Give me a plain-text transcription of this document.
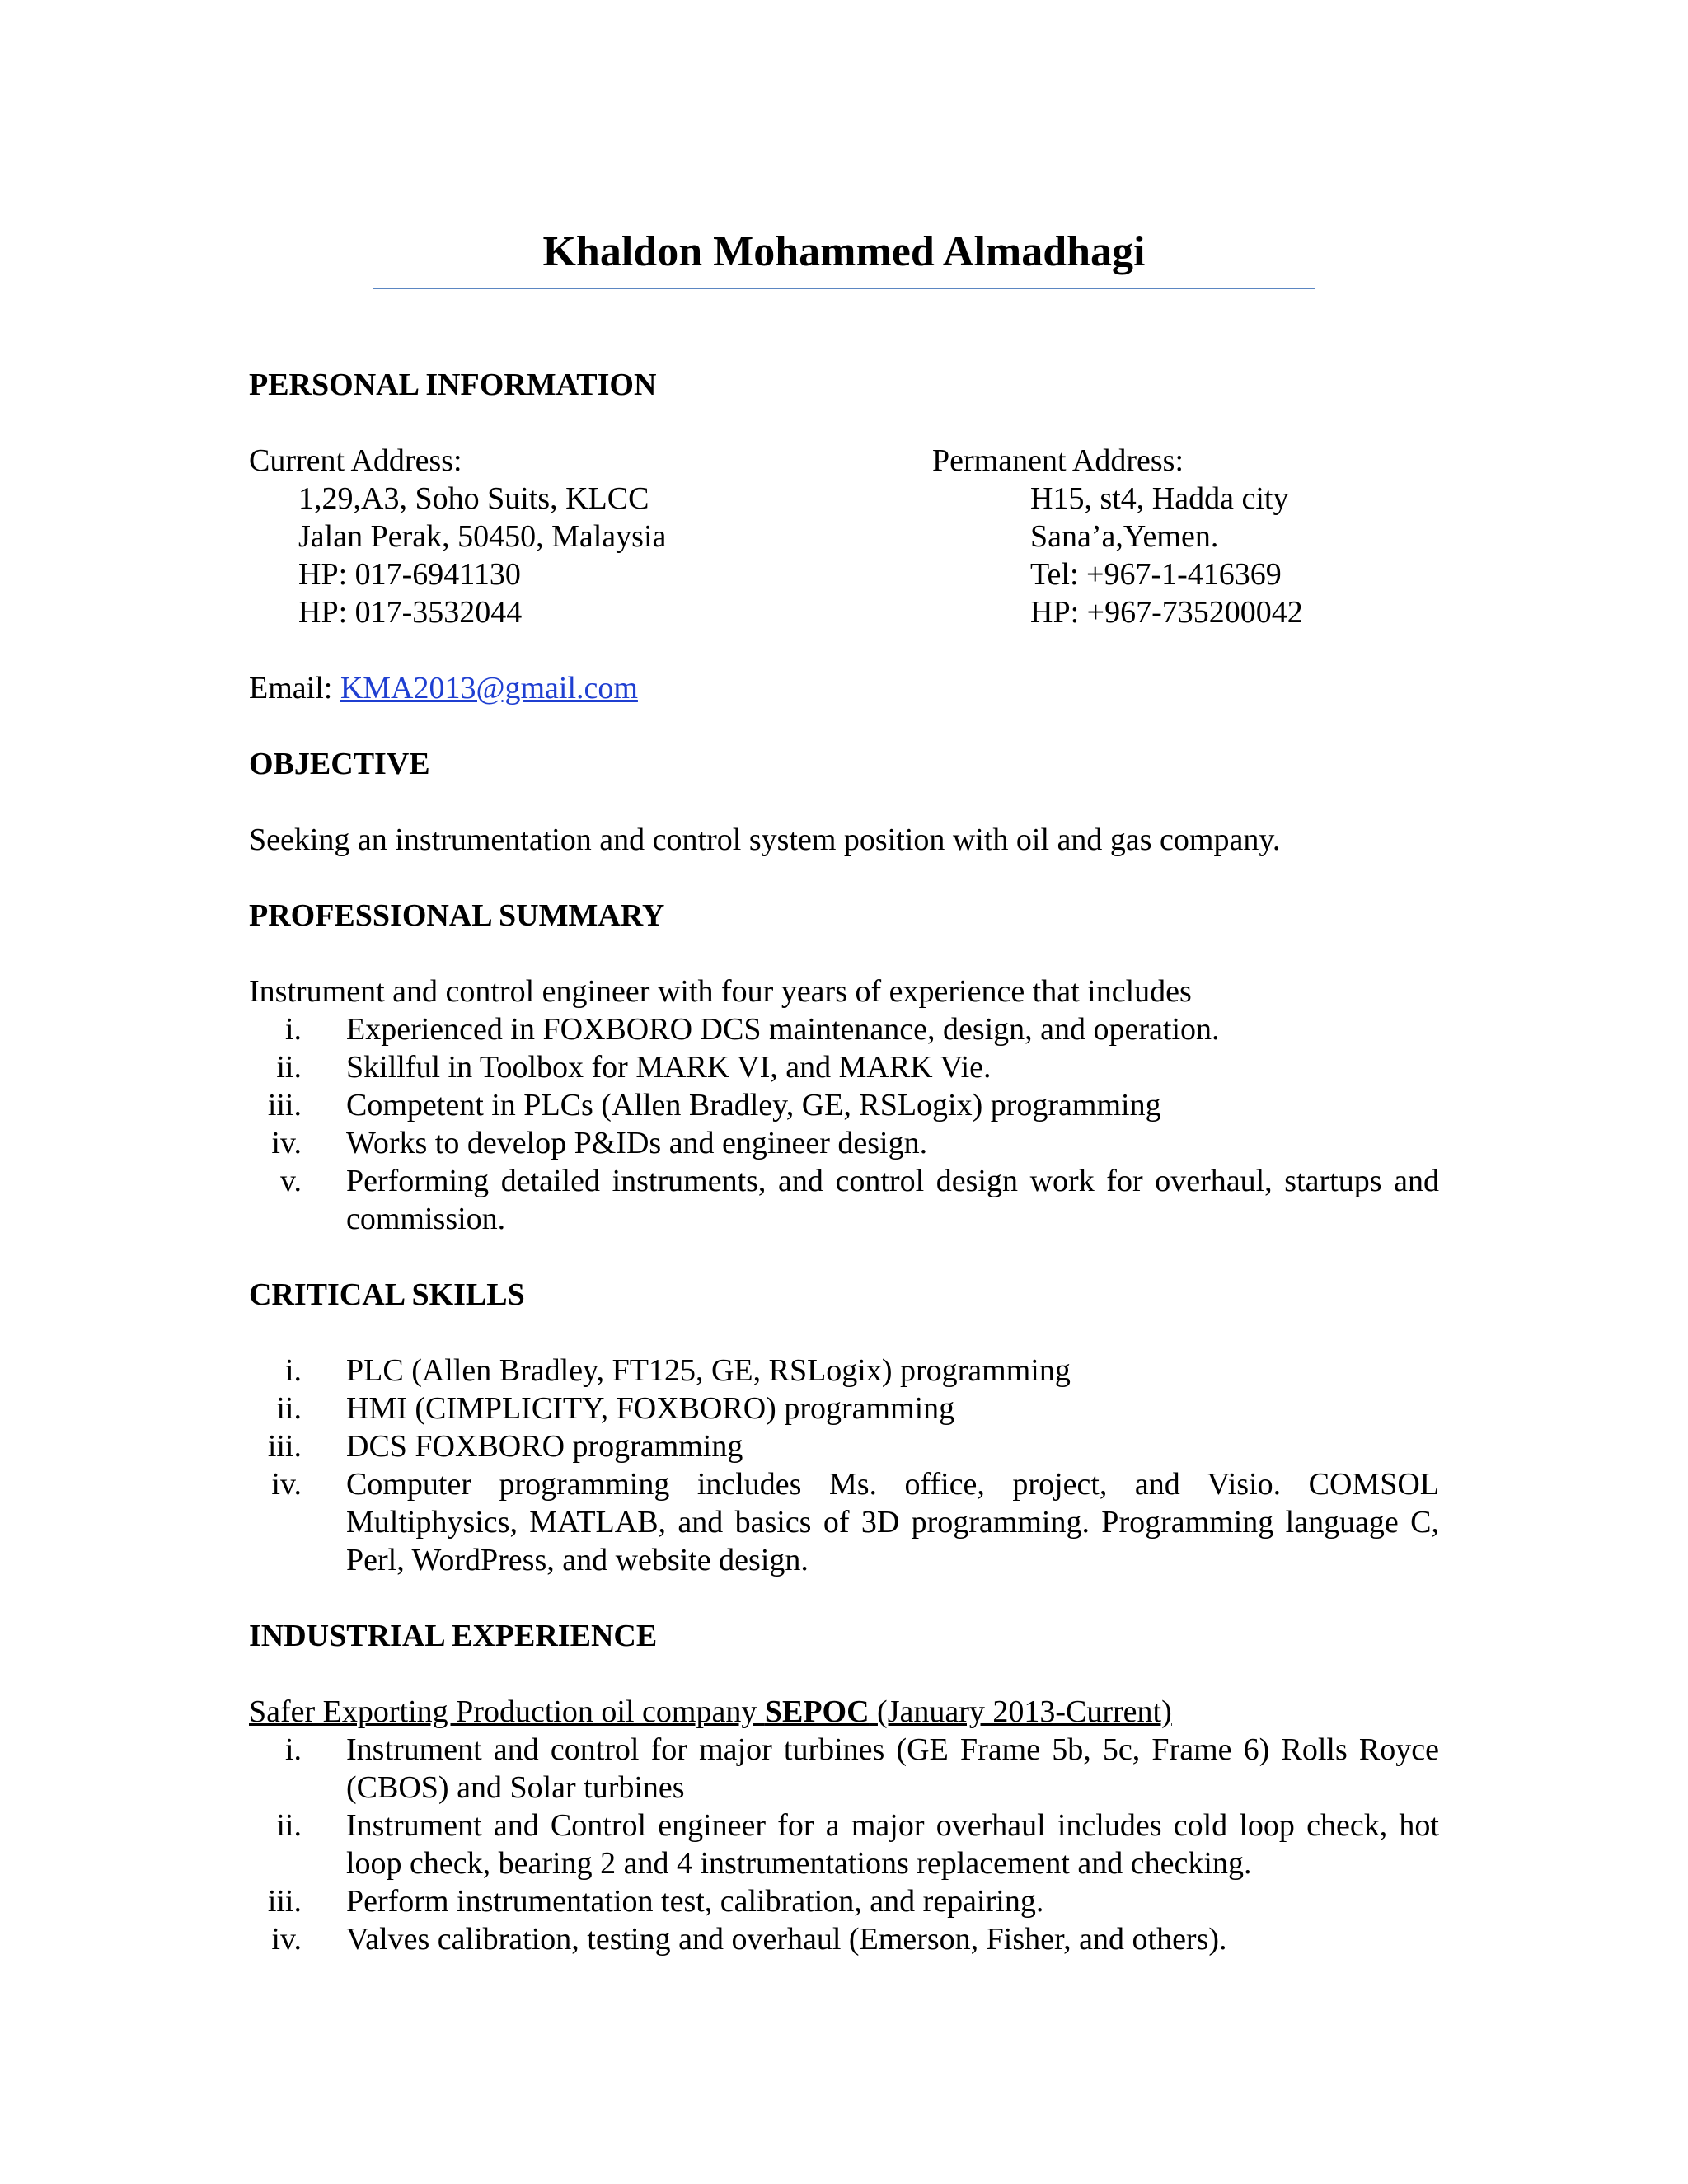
Khaldon Mohammed Almadhagi
PERSONAL INFORMATION
Current Address:
1,29,A3, Soho Suits, KLCC
Jalan Perak, 50450, Malaysia
HP: 017-6941130
HP: 017-3532044
Permanent Address:
H15, st4, Hadda city
Sana’a,Yemen.
Tel: +967-1-416369
HP: +967-735200042
Email: KMA2013@gmail.com
OBJECTIVE
Seeking an instrumentation and control system position with oil and gas company.
PROFESSIONAL SUMMARY
Instrument and control engineer with four years of experience that includes
i. Experienced in FOXBORO DCS maintenance, design, and operation.
ii. Skillful in Toolbox for MARK VI, and MARK Vie.
iii. Competent in PLCs (Allen Bradley, GE, RSLogix) programming
iv. Works to develop P&IDs and engineer design.
v. Performing detailed instruments, and control design work for overhaul, startups and commission.
CRITICAL SKILLS
i. PLC (Allen Bradley, FT125, GE, RSLogix) programming
ii. HMI (CIMPLICITY, FOXBORO) programming
iii. DCS FOXBORO programming
iv. Computer programming includes Ms. office, project, and Visio. COMSOL Multiphysics, MATLAB, and basics of 3D programming. Programming language C, Perl, WordPress, and website design.
INDUSTRIAL EXPERIENCE
Safer Exporting Production oil company SEPOC (January 2013-Current)
i. Instrument and control for major turbines (GE Frame 5b, 5c, Frame 6) Rolls Royce (CBOS) and Solar turbines
ii. Instrument and Control engineer for a major overhaul includes cold loop check, hot loop check, bearing 2 and 4 instrumentations replacement and checking.
iii. Perform instrumentation test, calibration, and repairing.
iv. Valves calibration, testing and overhaul (Emerson, Fisher, and others).
